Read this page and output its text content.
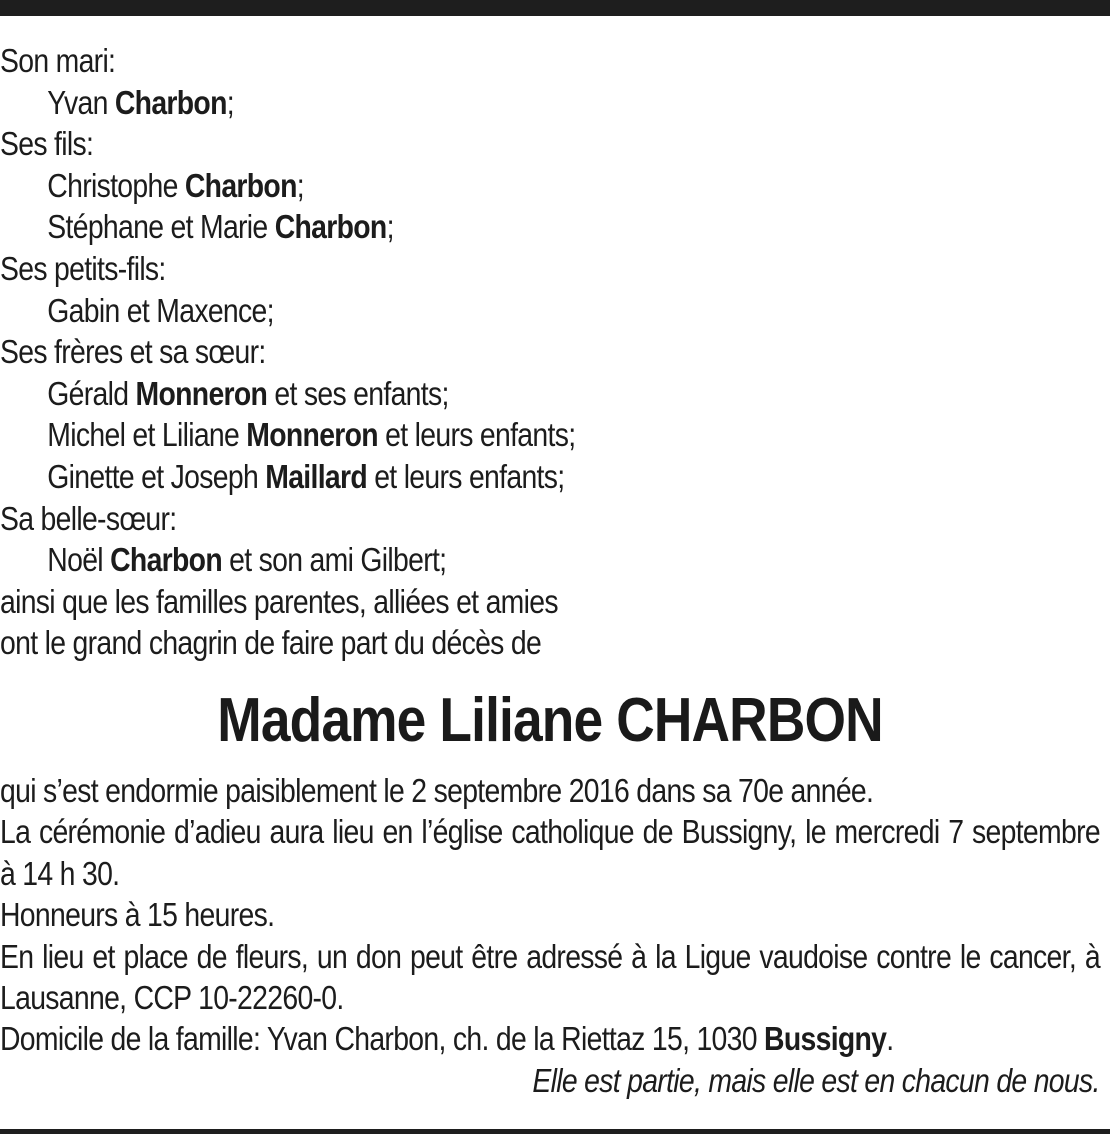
Son mari:
Yvan Charbon;
Ses fils:
Christophe Charbon;
Stéphane et Marie Charbon;
Ses petits-fils:
Gabin et Maxence;
Ses frères et sa sœur:
Gérald Monneron et ses enfants;
Michel et Liliane Monneron et leurs enfants;
Ginette et Joseph Maillard et leurs enfants;
Sa belle-sœur:
Noël Charbon et son ami Gilbert;
ainsi que les familles parentes, alliées et amies
ont le grand chagrin de faire part du décès de
Madame Liliane CHARBON

qui s’est endormie paisiblement le 2 septembre 2016 dans sa 70e année.

La cérémonie d’adieu aura lieu en l’église catholique de Bussigny, le mercredi 7 septembre à 14 h 30.

Honneurs à 15 heures.

En lieu et place de fleurs, un don peut être adressé à la Ligue vaudoise contre le cancer, à Lausanne, CCP 10-22260-0.

Domicile de la famille: Yvan Charbon, ch. de la Riettaz 15, 1030 Bussigny.

Elle est partie, mais elle est en chacun de nous.
